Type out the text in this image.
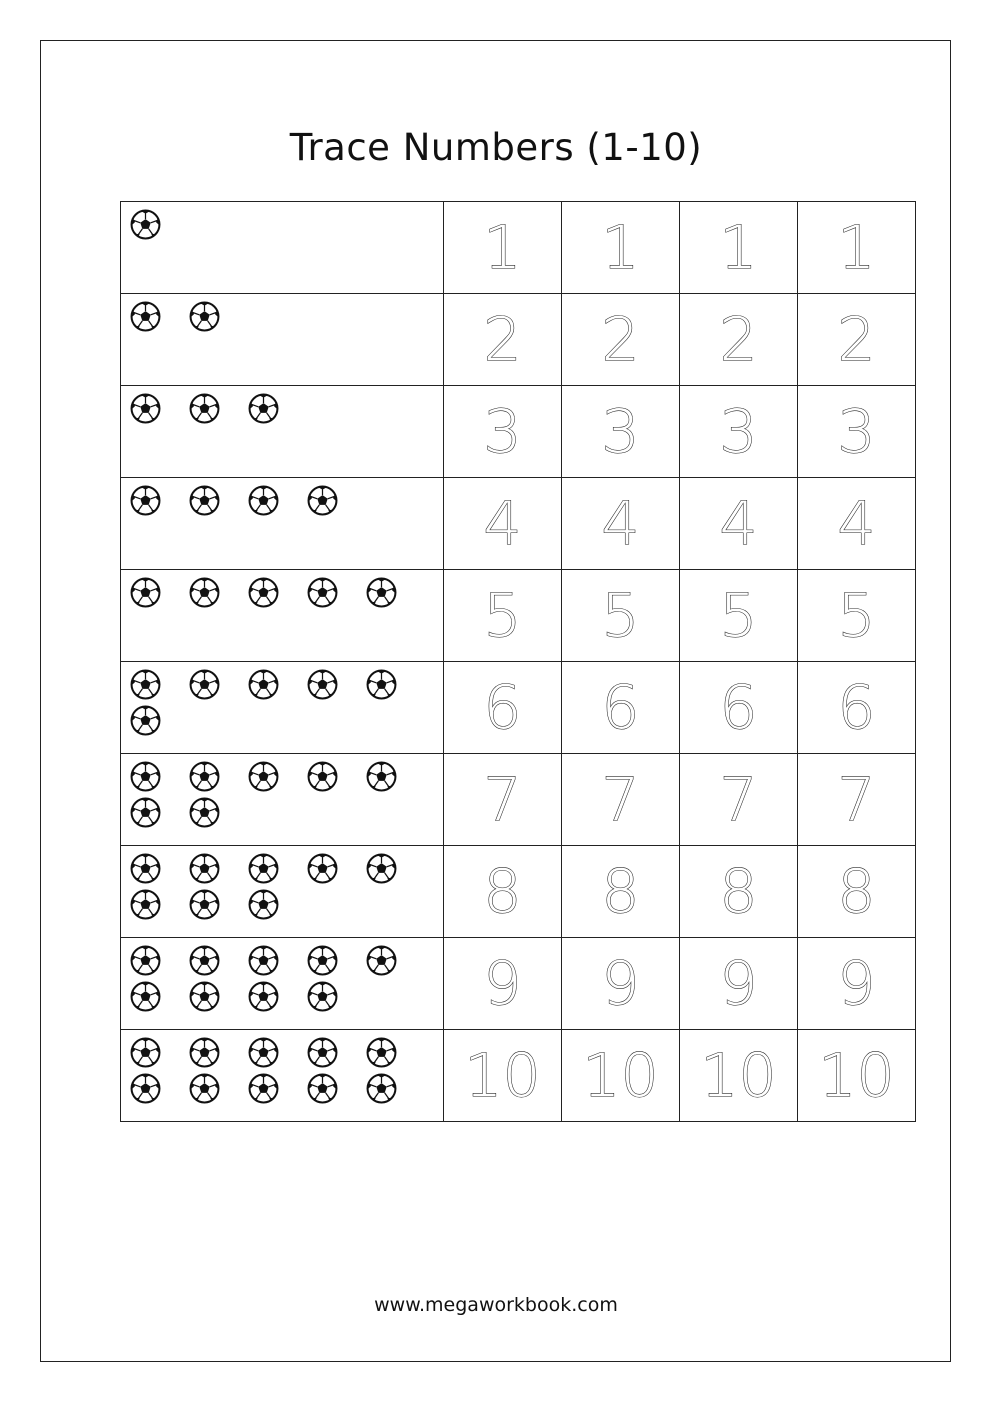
Trace Numbers (1-10)

1	1	1	1

2	2	2	2

3	3	3	3

4	4	4	4

5	5	5	5

6	6	6	6

7	7	7	7

8	8	8	8

9	9	9	9

10	10	10	10
www.megaworkbook.com
